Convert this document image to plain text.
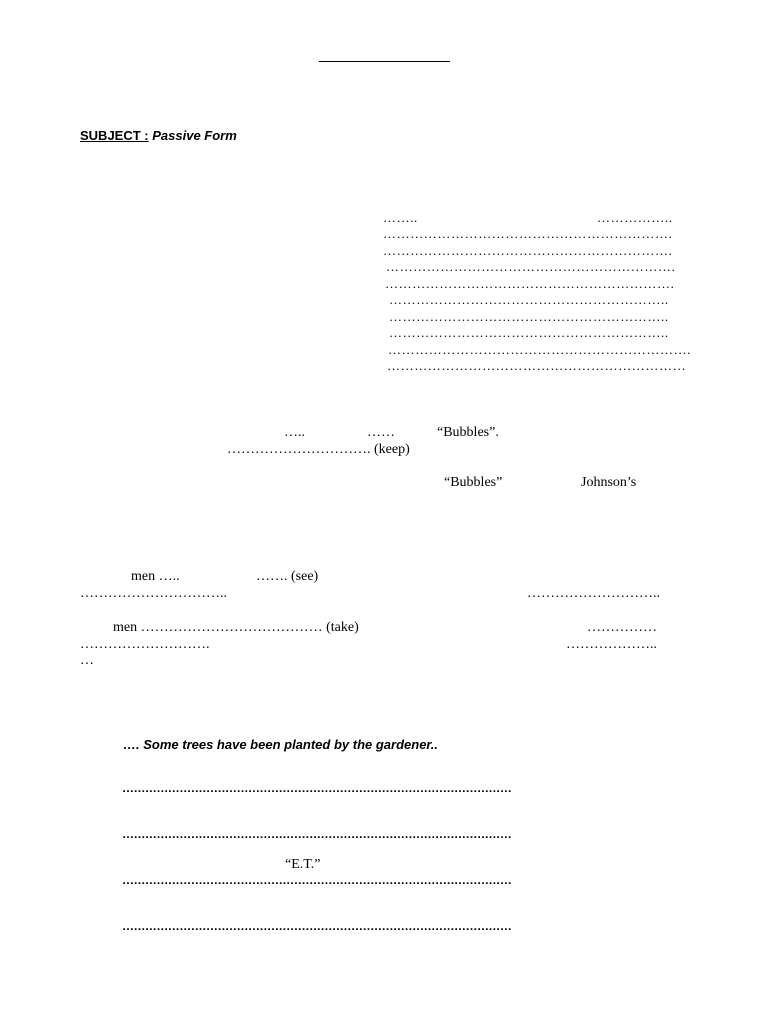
SUBJECT : Passive Form
……..	……………..
……………………………………………………….
……………………………………………………….
……………………………………………………….
……………………………………………………….
……………………………………………………..
……………………………………………………..
……………………………………………………..
………………………………………………………….
…………………………………………………………
…..	……	“Bubbles”.
…………………………. (keep)
“Bubbles”	Johnson’s
men …..	……. (see)
…………………………..	………………………..
men ………………………………… (take)	……………
……………………….	………………..
…
…. Some trees have been planted by the gardener..
…………………………………………………………………………………………
…………………………………………………………………………………………
“E.T.”
…………………………………………………………………………………………
…………………………………………………………………………………………
